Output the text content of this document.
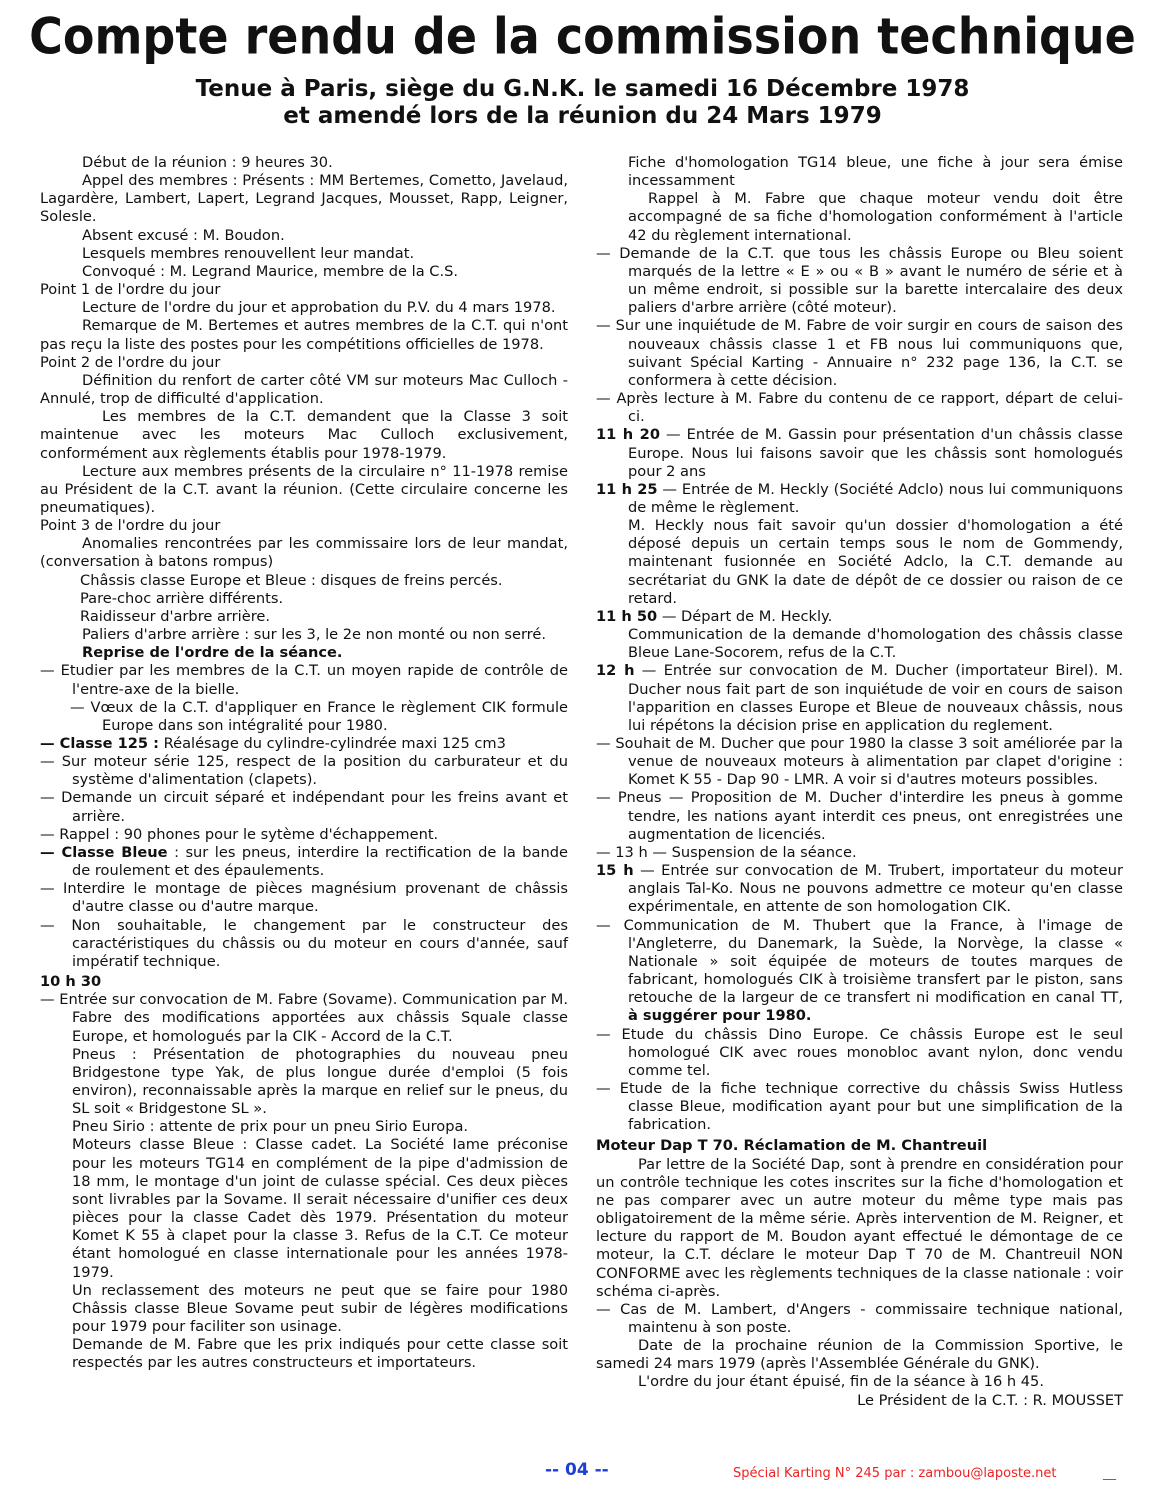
Compte rendu de la commission technique
Tenue à Paris, siège du G.N.K. le samedi 16 Décembre 1978
et amendé lors de la réunion du 24 Mars 1979

Début de la réunion : 9 heures 30.

Appel des membres : Présents : MM Bertemes, Cometto, Javelaud, Lagardère, Lambert, Lapert, Legrand Jacques, Mousset, Rapp, Leigner, Solesle.

Absent excusé : M. Boudon.

Lesquels membres renouvellent leur mandat.

Convoqué : M. Legrand Maurice, membre de la C.S.

Point 1 de l'ordre du jour

Lecture de l'ordre du jour et approbation du P.V. du 4 mars 1978.

Remarque de M. Bertemes et autres membres de la C.T. qui n'ont pas reçu la liste des postes pour les compétitions officielles de 1978.

Point 2 de l'ordre du jour

Définition du renfort de carter côté VM sur moteurs Mac Culloch - Annulé, trop de difficulté d'application.

Les membres de la C.T. demandent que la Classe 3 soit maintenue avec les moteurs Mac Culloch exclusivement, conformément aux règlements établis pour 1978-1979.

Lecture aux membres présents de la circulaire n° 11-1978 remise au Président de la C.T. avant la réunion. (Cette circulaire concerne les pneumatiques).

Point 3 de l'ordre du jour

Anomalies rencontrées par les commissaire lors de leur mandat, (conversation à batons rompus)

Châssis classe Europe et Bleue : disques de freins percés.

Pare-choc arrière différents.

Raidisseur d'arbre arrière.

Paliers d'arbre arrière : sur les 3, le 2e non monté ou non serré.

Reprise de l'ordre de la séance.

— Etudier par les membres de la C.T. un moyen rapide de contrôle de l'entre-axe de la bielle.

— Vœux de la C.T. d'appliquer en France le règlement CIK formule Europe dans son intégralité pour 1980.

— Classe 125 : Réalésage du cylindre-cylindrée maxi 125 cm3

— Sur moteur série 125, respect de la position du carburateur et du système d'alimentation (clapets).

— Demande un circuit séparé et indépendant pour les freins avant et arrière.

— Rappel : 90 phones pour le sytème d'échappement.

— Classe Bleue : sur les pneus, interdire la rectification de la bande de roulement et des épaulements.

— Interdire le montage de pièces magnésium provenant de châssis d'autre classe ou d'autre marque.

— Non souhaitable, le changement par le constructeur des caractéristiques du châssis ou du moteur en cours d'année, sauf impératif technique.

10 h 30

— Entrée sur convocation de M. Fabre (Sovame). Communication par M. Fabre des modifications apportées aux châssis Squale classe Europe, et homologués par la CIK - Accord de la C.T.

Pneus : Présentation de photographies du nouveau pneu Bridgestone type Yak, de plus longue durée d'emploi (5 fois environ), reconnaissable après la marque en relief sur le pneus, du SL soit « Bridgestone SL ».

Pneu Sirio : attente de prix pour un pneu Sirio Europa.

Moteurs classe Bleue : Classe cadet. La Société Iame préconise pour les moteurs TG14 en complément de la pipe d'admission de 18 mm, le montage d'un joint de culasse spécial. Ces deux pièces sont livrables par la Sovame. Il serait nécessaire d'unifier ces deux pièces pour la classe Cadet dès 1979. Présentation du moteur Komet K 55 à clapet pour la classe 3. Refus de la C.T. Ce moteur étant homologué en classe internationale pour les années 1978-1979.

Un reclassement des moteurs ne peut que se faire pour 1980 Châssis classe Bleue Sovame peut subir de légères modifications pour 1979 pour faciliter son usinage.

Demande de M. Fabre que les prix indiqués pour cette classe soit respectés par les autres constructeurs et importateurs.

Fiche d'homologation TG14 bleue, une fiche à jour sera émise incessamment

Rappel à M. Fabre que chaque moteur vendu doit être accompagné de sa fiche d'homologation conformément à l'article 42 du règlement international.

— Demande de la C.T. que tous les châssis Europe ou Bleu soient marqués de la lettre « E » ou « B » avant le numéro de série et à un même endroit, si possible sur la barette intercalaire des deux paliers d'arbre arrière (côté moteur).

— Sur une inquiétude de M. Fabre de voir surgir en cours de saison des nouveaux châssis classe 1 et FB nous lui communiquons que, suivant Spécial Karting - Annuaire n° 232 page 136, la C.T. se conformera à cette décision.

— Après lecture à M. Fabre du contenu de ce rapport, départ de celui-ci.

11 h 20 — Entrée de M. Gassin pour présentation d'un châssis classe Europe. Nous lui faisons savoir que les châssis sont homologués pour 2 ans

11 h 25 — Entrée de M. Heckly (Société Adclo) nous lui communiquons de même le règlement.

M. Heckly nous fait savoir qu'un dossier d'homologation a été déposé depuis un certain temps sous le nom de Gommendy, maintenant fusionnée en Société Adclo, la C.T. demande au secrétariat du GNK la date de dépôt de ce dossier ou raison de ce retard.

11 h 50 — Départ de M. Heckly.

Communication de la demande d'homologation des châssis classe Bleue Lane-Socorem, refus de la C.T.

12 h — Entrée sur convocation de M. Ducher (importateur Birel). M. Ducher nous fait part de son inquiétude de voir en cours de saison l'apparition en classes Europe et Bleue de nouveaux châssis, nous lui répétons la décision prise en application du reglement.

— Souhait de M. Ducher que pour 1980 la classe 3 soit améliorée par la venue de nouveaux moteurs à alimentation par clapet d'origine : Komet K 55 - Dap 90 - LMR. A voir si d'autres moteurs possibles.

— Pneus — Proposition de M. Ducher d'interdire les pneus à gomme tendre, les nations ayant interdit ces pneus, ont enregistrées une augmentation de licenciés.

— 13 h — Suspension de la séance.

15 h — Entrée sur convocation de M. Trubert, importateur du moteur anglais Tal-Ko. Nous ne pouvons admettre ce moteur qu'en classe expérimentale, en attente de son homologation CIK.

— Communication de M. Thubert que la France, à l'image de l'Angleterre, du Danemark, la Suède, la Norvège, la classe « Nationale » soit équipée de moteurs de toutes marques de fabricant, homologués CIK à troisième transfert par le piston, sans retouche de la largeur de ce transfert ni modification en canal TT, à suggérer pour 1980.

— Etude du châssis Dino Europe. Ce châssis Europe est le seul homologué CIK avec roues monobloc avant nylon, donc vendu comme tel.

— Etude de la fiche technique corrective du châssis Swiss Hutless classe Bleue, modification ayant pour but une simplification de la fabrication.

Moteur Dap T 70. Réclamation de M. Chantreuil

Par lettre de la Société Dap, sont à prendre en considération pour un contrôle technique les cotes inscrites sur la fiche d'homologation et ne pas comparer avec un autre moteur du même type mais pas obligatoirement de la même série. Après intervention de M. Reigner, et lecture du rapport de M. Boudon ayant effectué le démontage de ce moteur, la C.T. déclare le moteur Dap T 70 de M. Chantreuil NON CONFORME avec les règlements techniques de la classe nationale : voir schéma ci-après.

— Cas de M. Lambert, d'Angers - commissaire technique national, maintenu à son poste.

Date de la prochaine réunion de la Commission Sportive, le samedi 24 mars 1979 (après l'Assemblée Générale du GNK).

L'ordre du jour étant épuisé, fin de la séance à 16 h 45.

Le Président de la C.T. : R. MOUSSET

-- 04 --	Spécial Karting N° 245 par : zambou@laposte.net	__
